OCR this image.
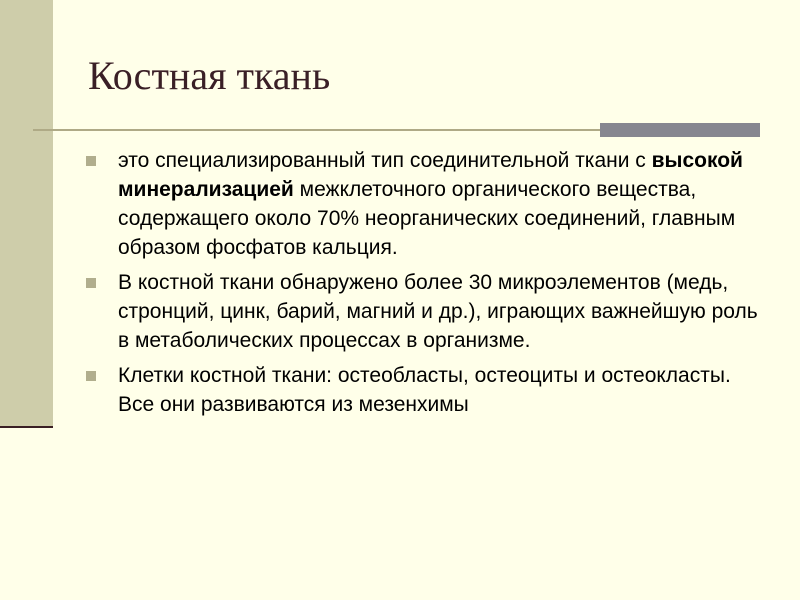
Костная ткань
это специализированный тип соединительной ткани с высокой минерализацией межклеточного органического вещества, содержащего около 70% неорганических соединений, главным образом фосфатов кальция.
В костной ткани обнаружено более 30 микроэлементов (медь, стронций, цинк, барий, магний и др.), играющих важнейшую роль в метаболических процессах в организме.
Клетки костной ткани: остеобласты, остеоциты и остеокласты. Все они развиваются из мезенхимы
